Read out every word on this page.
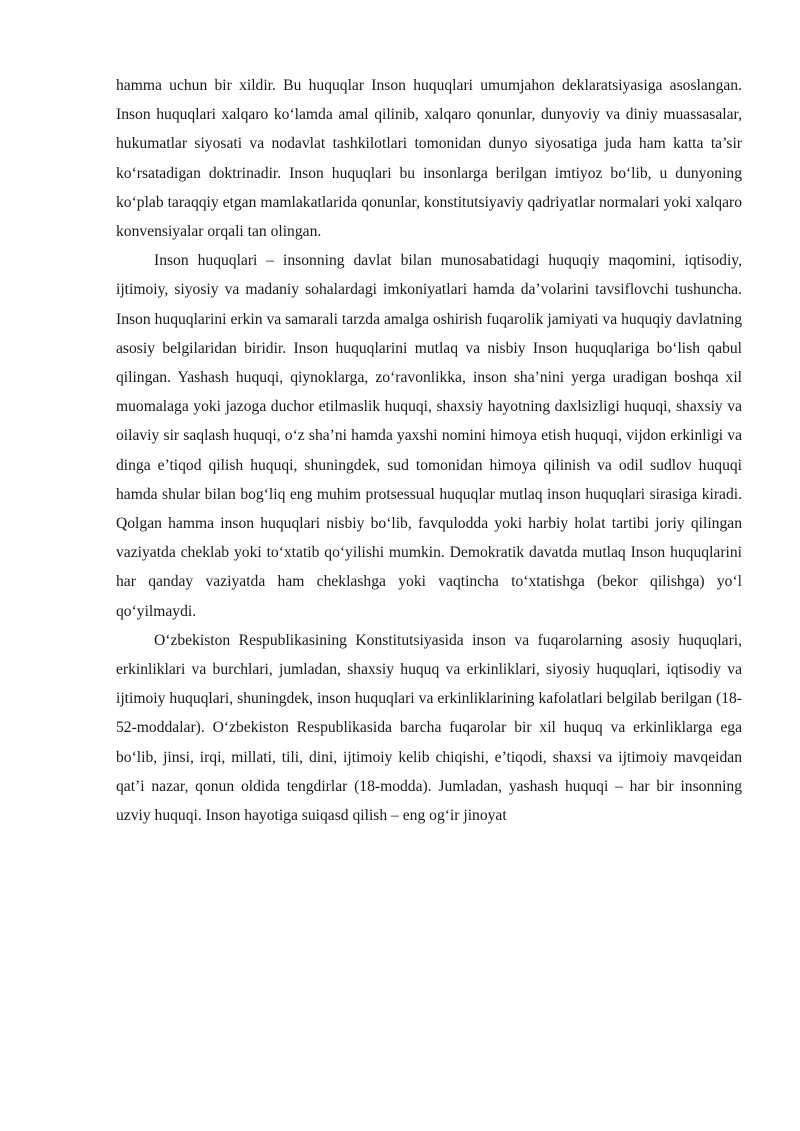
hamma uchun bir xildir. Bu huquqlar Inson huquqlari umumjahon deklaratsiyasiga asoslangan. Inson huquqlari xalqaro ko‘lamda amal qilinib, xalqaro qonunlar, dunyoviy va diniy muassasalar, hukumatlar siyosati va nodavlat tashkilotlari tomonidan dunyo siyosatiga juda ham katta ta’sir ko‘rsatadigan doktrinadir. Inson huquqlari bu insonlarga berilgan imtiyoz bo‘lib, u dunyoning ko‘plab taraqqiy etgan mamlakatlarida qonunlar, konstitutsiyaviy qadriyatlar normalari yoki xalqaro konvensiyalar orqali tan olingan.

Inson huquqlari – insonning davlat bilan munosabatidagi huquqiy maqomini, iqtisodiy, ijtimoiy, siyosiy va madaniy sohalardagi imkoniyatlari hamda da’volarini tavsiflovchi tushuncha. Inson huquqlarini erkin va samarali tarzda amalga oshirish fuqarolik jamiyati va huquqiy davlatning asosiy belgilaridan biridir. Inson huquqlarini mutlaq va nisbiy Inson huquqlariga bo‘lish qabul qilingan. Yashash huquqi, qiynoklarga, zo‘ravonlikka, inson sha’nini yerga uradigan boshqa xil muomalaga yoki jazoga duchor etilmaslik huquqi, shaxsiy hayotning daxlsizligi huquqi, shaxsiy va oilaviy sir saqlash huquqi, o‘z sha’ni hamda yaxshi nomini himoya etish huquqi, vijdon erkinligi va dinga e’tiqod qilish huquqi, shuningdek, sud tomonidan himoya qilinish va odil sudlov huquqi hamda shular bilan bog‘liq eng muhim protsessual huquqlar mutlaq inson huquqlari sirasiga kiradi. Qolgan hamma inson huquqlari nisbiy bo‘lib, favqulodda yoki harbiy holat tartibi joriy qilingan vaziyatda cheklab yoki to‘xtatib qo‘yilishi mumkin. Demokratik davatda mutlaq Inson huquqlarini har qanday vaziyatda ham cheklashga yoki vaqtincha to‘xtatishga (bekor qilishga) yo‘l qo‘yilmaydi.

O‘zbekiston Respublikasining Konstitutsiyasida inson va fuqarolarning asosiy huquqlari, erkinliklari va burchlari, jumladan, shaxsiy huquq va erkinliklari, siyosiy huquqlari, iqtisodiy va ijtimoiy huquqlari, shuningdek, inson huquqlari va erkinliklarining kafolatlari belgilab berilgan (18-52-moddalar). O‘zbekiston Respublikasida barcha fuqarolar bir xil huquq va erkinliklarga ega bo‘lib, jinsi, irqi, millati, tili, dini, ijtimoiy kelib chiqishi, e’tiqodi, shaxsi va ijtimoiy mavqeidan qat’i nazar, qonun oldida tengdirlar (18-modda). Jumladan, yashash huquqi – har bir insonning uzviy huquqi. Inson hayotiga suiqasd qilish – eng og‘ir jinoyat
